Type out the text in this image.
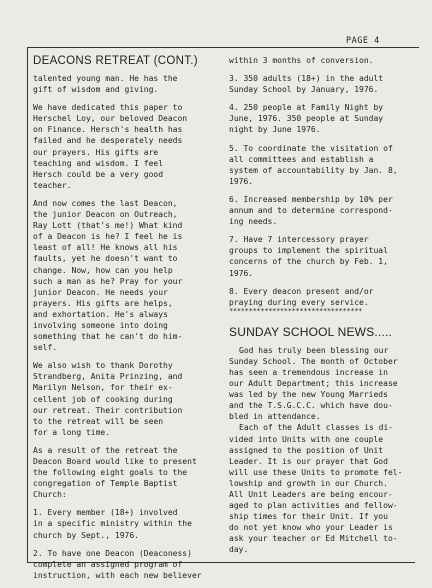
PAGE 4
DEACONS RETREAT (CONT.)

talented young man. He has the
gift of wisdom and giving.

We have dedicated this paper to
Herschel Loy, our beloved Deacon
on Finance. Hersch's health has
failed and he desperately needs
our prayers. His gifts are
teaching and wisdom. I feel
Hersch could be a very good
teacher.

And now comes the last Deacon,
the junior Deacon on Outreach,
Ray Lott (that's me!) What kind
of a Deacon is he? I feel he is
least of all! He knows all his
faults, yet he doesn't want to
change. Now, how can you help
such a man as he? Pray for your
junior Deacon. He needs your
prayers. His gifts are helps,
and exhortation. He's always
involving someone into doing
something that he can't do him-
self.

We also wish to thank Dorothy
Strandberg, Anita Prinzing, and
Marilyn Nelson, for their ex-
cellent job of cooking during
our retreat. Their contribution
to the retreat will be seen
for a long time.

As a result of the retreat the
Deacon Board would like to present
the following eight goals to the
congregation of Temple Baptist
Church:

1. Every member (18+) involved
in a specific ministry within the
church by Sept., 1976.

2. To have one Deacon (Deaconess)
complete an assigned program of
instruction, with each new believer

within 3 months of conversion.

3. 350 adults (18+) in the adult
Sunday School by January, 1976.

4. 250 people at Family Night by
June, 1976. 350 people at Sunday
night by June 1976.

5. To coordinate the visitation of
all committees and establish a
system of accountability by Jan. 8,
1976.

6. Increased membership by 10% per
annum and to determine correspond-
ing needs.

7. Have 7 intercessory prayer
groups to implement the spiritual
concerns of the church by Feb. 1,
1976.

8. Every deacon present and/or
praying during every service.

**********************************
SUNDAY SCHOOL NEWS.....

God has truly been blessing our
Sunday School. The month of October
has seen a tremendous increase in
our Adult Department; this increase
was led by the new Young Marrieds
and the T.S.G.C.C. which have dou-
bled in attendance.

Each of the Adult classes is di-
vided into Units with one couple
assigned to the position of Unit
Leader. It is our prayer that God
will use these Units to promote fel-
lowship and growth in our Church.
All Unit Leaders are being encour-
aged to plan activities and fellow-
ship times for their Unit. If you
do not yet know who your Leader is
ask your teacher or Ed Mitchell to-
day.
